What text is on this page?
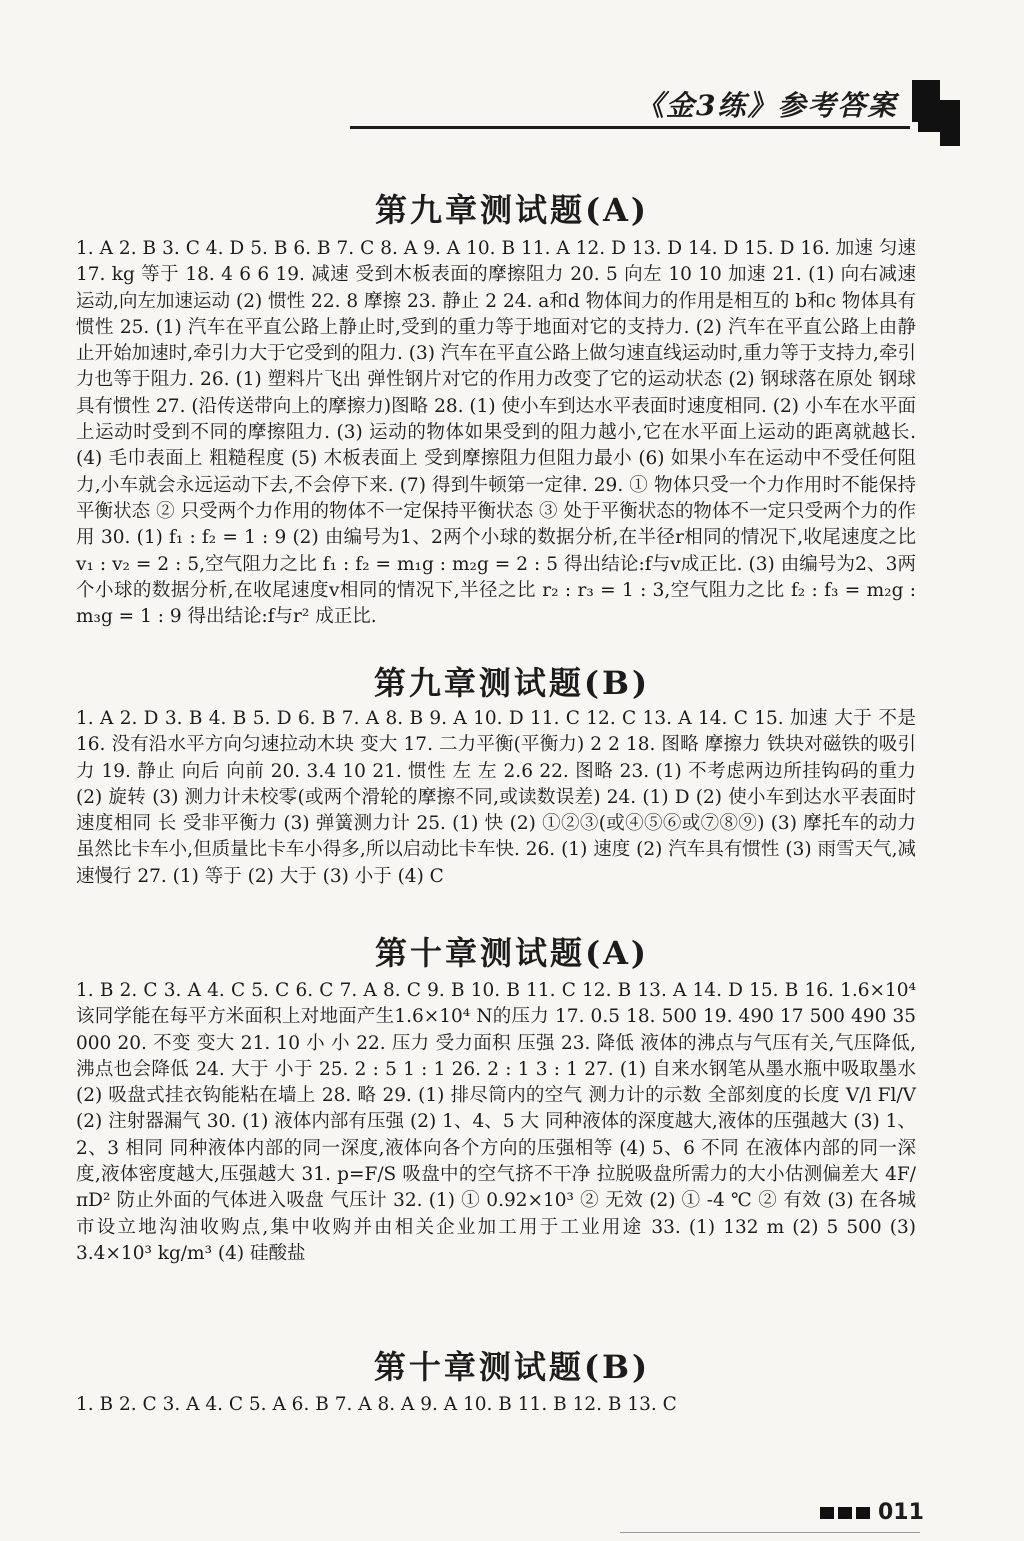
《金3练》参考答案
第九章测试题(A)

1. A 2. B 3. C 4. D 5. B 6. B 7. C 8. A 9. A 10. B 11. A 12. D 13. D 14. D 15. D 16. 加速 匀速 17. kg 等于 18. 4 6 6 19. 减速 受到木板表面的摩擦阻力 20. 5 向左 10 10 加速 21. (1) 向右减速运动,向左加速运动 (2) 惯性 22. 8 摩擦 23. 静止 2 24. a和d 物体间力的作用是相互的 b和c 物体具有惯性 25. (1) 汽车在平直公路上静止时,受到的重力等于地面对它的支持力. (2) 汽车在平直公路上由静止开始加速时,牵引力大于它受到的阻力. (3) 汽车在平直公路上做匀速直线运动时,重力等于支持力,牵引力也等于阻力. 26. (1) 塑料片飞出 弹性钢片对它的作用力改变了它的运动状态 (2) 钢球落在原处 钢球具有惯性 27. (沿传送带向上的摩擦力)图略 28. (1) 使小车到达水平表面时速度相同. (2) 小车在水平面上运动时受到不同的摩擦阻力. (3) 运动的物体如果受到的阻力越小,它在水平面上运动的距离就越长. (4) 毛巾表面上 粗糙程度 (5) 木板表面上 受到摩擦阻力但阻力最小 (6) 如果小车在运动中不受任何阻力,小车就会永远运动下去,不会停下来. (7) 得到牛顿第一定律. 29. ① 物体只受一个力作用时不能保持平衡状态 ② 只受两个力作用的物体不一定保持平衡状态 ③ 处于平衡状态的物体不一定只受两个力的作用 30. (1) f₁ : f₂ = 1 : 9 (2) 由编号为1、2两个小球的数据分析,在半径r相同的情况下,收尾速度之比 v₁ : v₂ = 2 : 5,空气阻力之比 f₁ : f₂ = m₁g : m₂g = 2 : 5 得出结论:f与v成正比. (3) 由编号为2、3两个小球的数据分析,在收尾速度v相同的情况下,半径之比 r₂ : r₃ = 1 : 3,空气阻力之比 f₂ : f₃ = m₂g : m₃g = 1 : 9 得出结论:f与r² 成正比.

第九章测试题(B)

1. A 2. D 3. B 4. B 5. D 6. B 7. A 8. B 9. A 10. D 11. C 12. C 13. A 14. C 15. 加速 大于 不是 16. 没有沿水平方向匀速拉动木块 变大 17. 二力平衡(平衡力) 2 2 18. 图略 摩擦力 铁块对磁铁的吸引力 19. 静止 向后 向前 20. 3.4 10 21. 惯性 左 左 2.6 22. 图略 23. (1) 不考虑两边所挂钩码的重力 (2) 旋转 (3) 测力计未校零(或两个滑轮的摩擦不同,或读数误差) 24. (1) D (2) 使小车到达水平表面时速度相同 长 受非平衡力 (3) 弹簧测力计 25. (1) 快 (2) ①②③(或④⑤⑥或⑦⑧⑨) (3) 摩托车的动力虽然比卡车小,但质量比卡车小得多,所以启动比卡车快. 26. (1) 速度 (2) 汽车具有惯性 (3) 雨雪天气,减速慢行 27. (1) 等于 (2) 大于 (3) 小于 (4) C

第十章测试题(A)

1. B 2. C 3. A 4. C 5. C 6. C 7. A 8. C 9. B 10. B 11. C 12. B 13. A 14. D 15. B 16. 1.6×10⁴ 该同学能在每平方米面积上对地面产生1.6×10⁴ N的压力 17. 0.5 18. 500 19. 490 17 500 490 35 000 20. 不变 变大 21. 10 小 小 22. 压力 受力面积 压强 23. 降低 液体的沸点与气压有关,气压降低,沸点也会降低 24. 大于 小于 25. 2 : 5 1 : 1 26. 2 : 1 3 : 1 27. (1) 自来水钢笔从墨水瓶中吸取墨水 (2) 吸盘式挂衣钩能粘在墙上 28. 略 29. (1) 排尽筒内的空气 测力计的示数 全部刻度的长度 V/l Fl/V (2) 注射器漏气 30. (1) 液体内部有压强 (2) 1、4、5 大 同种液体的深度越大,液体的压强越大 (3) 1、2、3 相同 同种液体内部的同一深度,液体向各个方向的压强相等 (4) 5、6 不同 在液体内部的同一深度,液体密度越大,压强越大 31. p=F/S 吸盘中的空气挤不干净 拉脱吸盘所需力的大小估测偏差大 4F/πD² 防止外面的气体进入吸盘 气压计 32. (1) ① 0.92×10³ ② 无效 (2) ① -4 ℃ ② 有效 (3) 在各城市设立地沟油收购点,集中收购并由相关企业加工用于工业用途 33. (1) 132 m (2) 5 500 (3) 3.4×10³ kg/m³ (4) 硅酸盐

第十章测试题(B)

1. B 2. C 3. A 4. C 5. A 6. B 7. A 8. A 9. A 10. B 11. B 12. B 13. C

011
